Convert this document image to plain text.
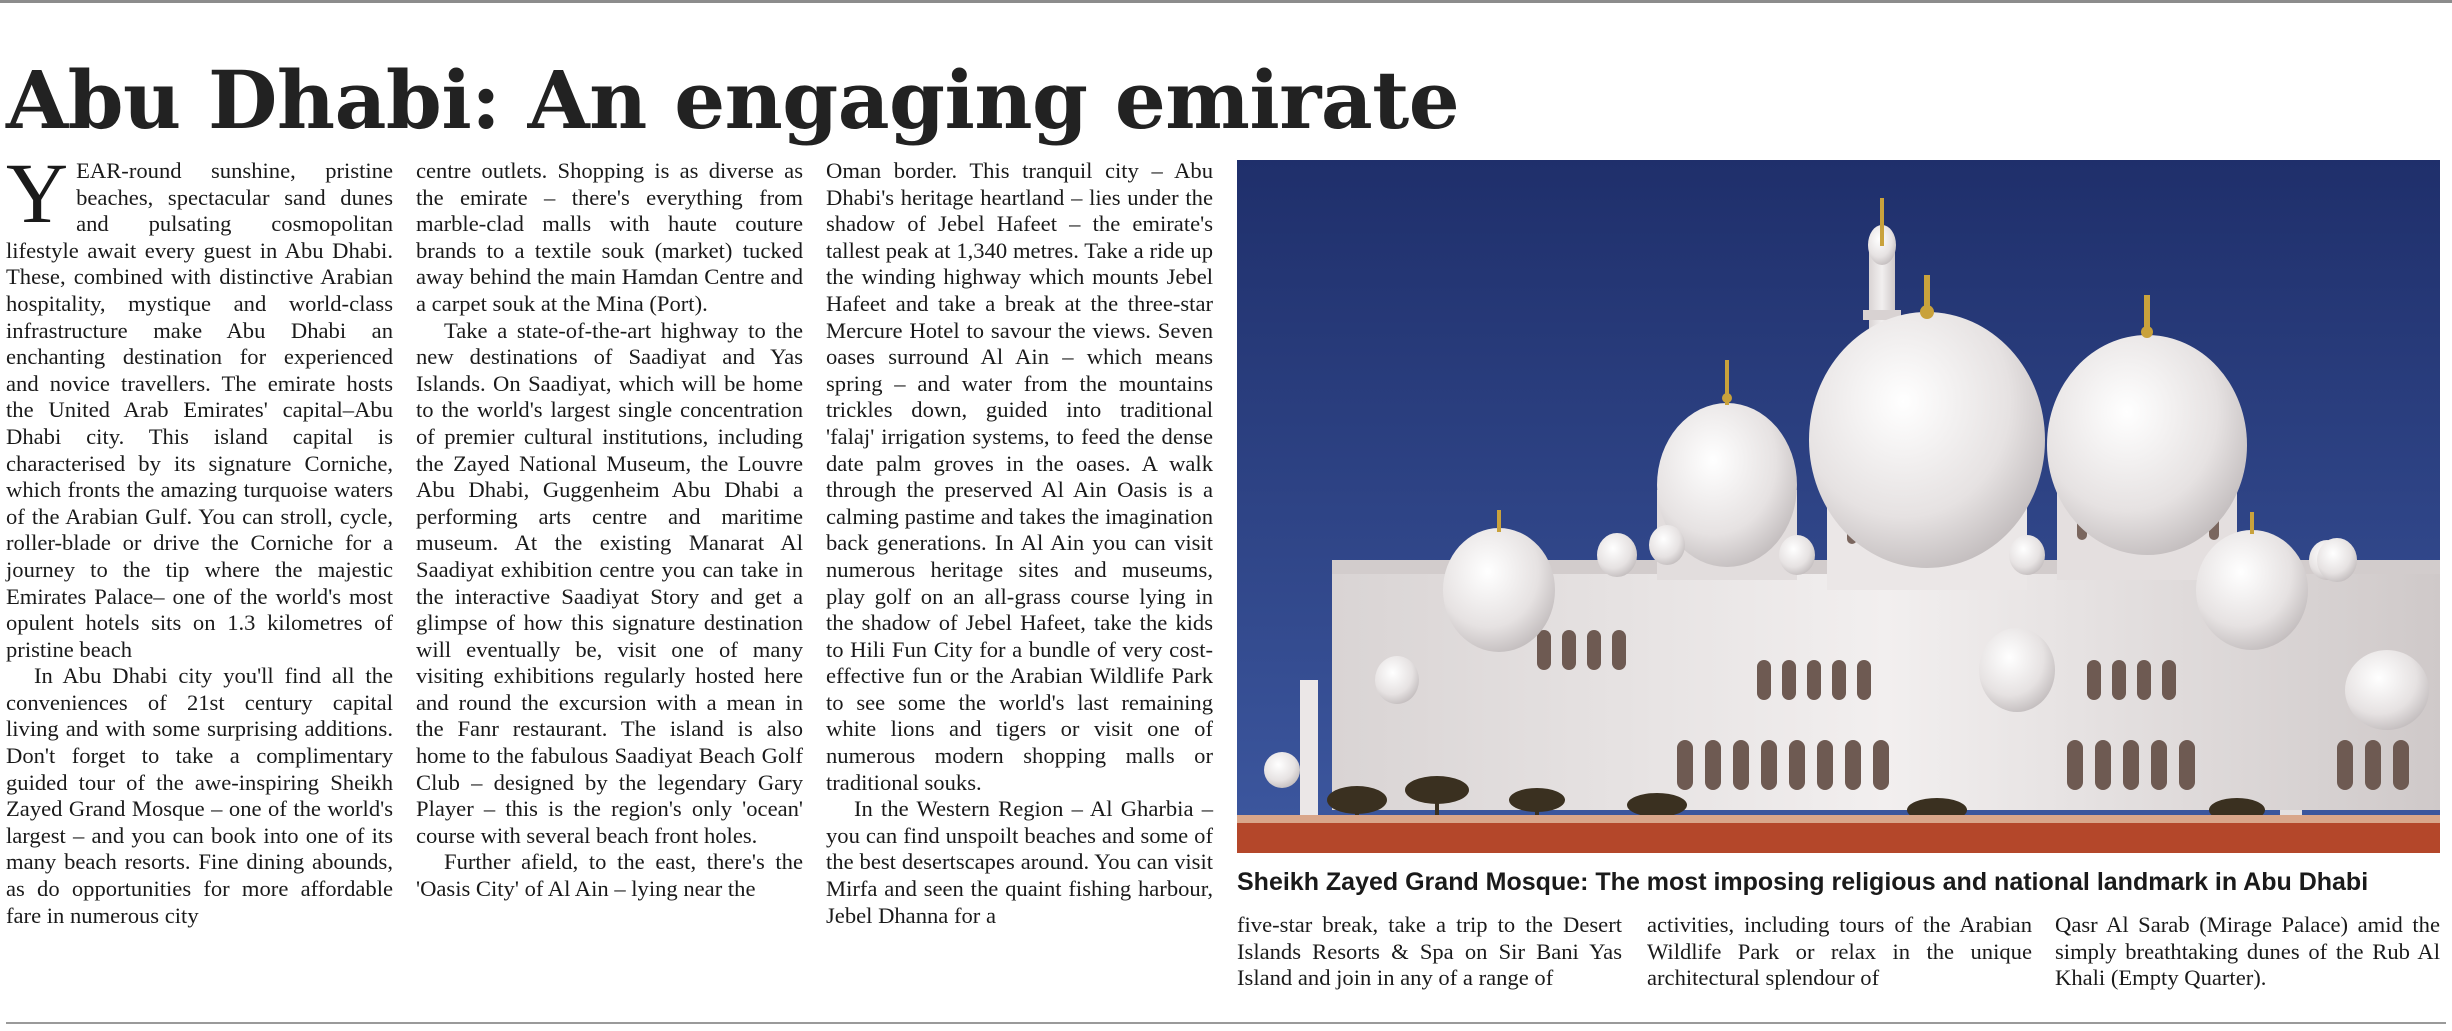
Abu Dhabi: An engaging emirate

YEAR-round sunshine, pristine beaches, spectacular sand dunes and pulsating cosmopolitan lifestyle await every guest in Abu Dhabi. These, combined with distinctive Arabian hospitality, mystique and world-class infrastructure make Abu Dhabi an enchanting destination for experienced and novice travellers. The emirate hosts the United Arab Emirates' capital–Abu Dhabi city. This island capital is characterised by its signature Corniche, which fronts the amazing turquoise waters of the Arabian Gulf. You can stroll, cycle, roller-blade or drive the Corniche for a journey to the tip where the majestic Emirates Palace– one of the world's most opulent hotels sits on 1.3 kilometres of pristine beach

In Abu Dhabi city you'll find all the conveniences of 21st century capital living and with some surprising additions. Don't forget to take a complimentary guided tour of the awe-inspiring Sheikh Zayed Grand Mosque – one of the world's largest – and you can book into one of its many beach resorts. Fine dining abounds, as do opportunities for more affordable fare in numerous city

centre outlets. Shopping is as diverse as the emirate – there's everything from marble-clad malls with haute couture brands to a textile souk (market) tucked away behind the main Hamdan Centre and a carpet souk at the Mina (Port).

Take a state-of-the-art highway to the new destinations of Saadiyat and Yas Islands. On Saadiyat, which will be home to the world's largest single concentration of premier cultural institutions, including the Zayed National Museum, the Louvre Abu Dhabi, Guggenheim Abu Dhabi a performing arts centre and maritime museum. At the existing Manarat Al Saadiyat exhibition centre you can take in the interactive Saadiyat Story and get a glimpse of how this signature destination will eventually be, visit one of many visiting exhibitions regularly hosted here and round the excursion with a mean in the Fanr restaurant. The island is also home to the fabulous Saadiyat Beach Golf Club – designed by the legendary Gary Player – this is the region's only 'ocean' course with several beach front holes.

Further afield, to the east, there's the 'Oasis City' of Al Ain – lying near the

Oman border. This tranquil city – Abu Dhabi's heritage heartland – lies under the shadow of Jebel Hafeet – the emirate's tallest peak at 1,340 metres. Take a ride up the winding highway which mounts Jebel Hafeet and take a break at the three-star Mercure Hotel to savour the views. Seven oases surround Al Ain – which means spring – and water from the mountains trickles down, guided into traditional 'falaj' irrigation systems, to feed the dense date palm groves in the oases. A walk through the preserved Al Ain Oasis is a calming pastime and takes the imagination back generations. In Al Ain you can visit numerous heritage sites and museums, play golf on an all-grass course lying in the shadow of Jebel Hafeet, take the kids to Hili Fun City for a bundle of very cost-effective fun or the Arabian Wildlife Park to see some the world's last remaining white lions and tigers or visit one of numerous modern shopping malls or traditional souks.

In the Western Region – Al Gharbia – you can find unspoilt beaches and some of the best desertscapes around. You can visit Mirfa and seen the quaint fishing harbour, Jebel Dhanna for a

Sheikh Zayed Grand Mosque: The most imposing religious and national landmark in Abu Dhabi

five-star break, take a trip to the Desert Islands Resorts & Spa on Sir Bani Yas Island and join in any of a range of

activities, including tours of the Arabian Wildlife Park or relax in the unique architectural splendour of

Qasr Al Sarab (Mirage Palace) amid the simply breathtaking dunes of the Rub Al Khali (Empty Quarter).
